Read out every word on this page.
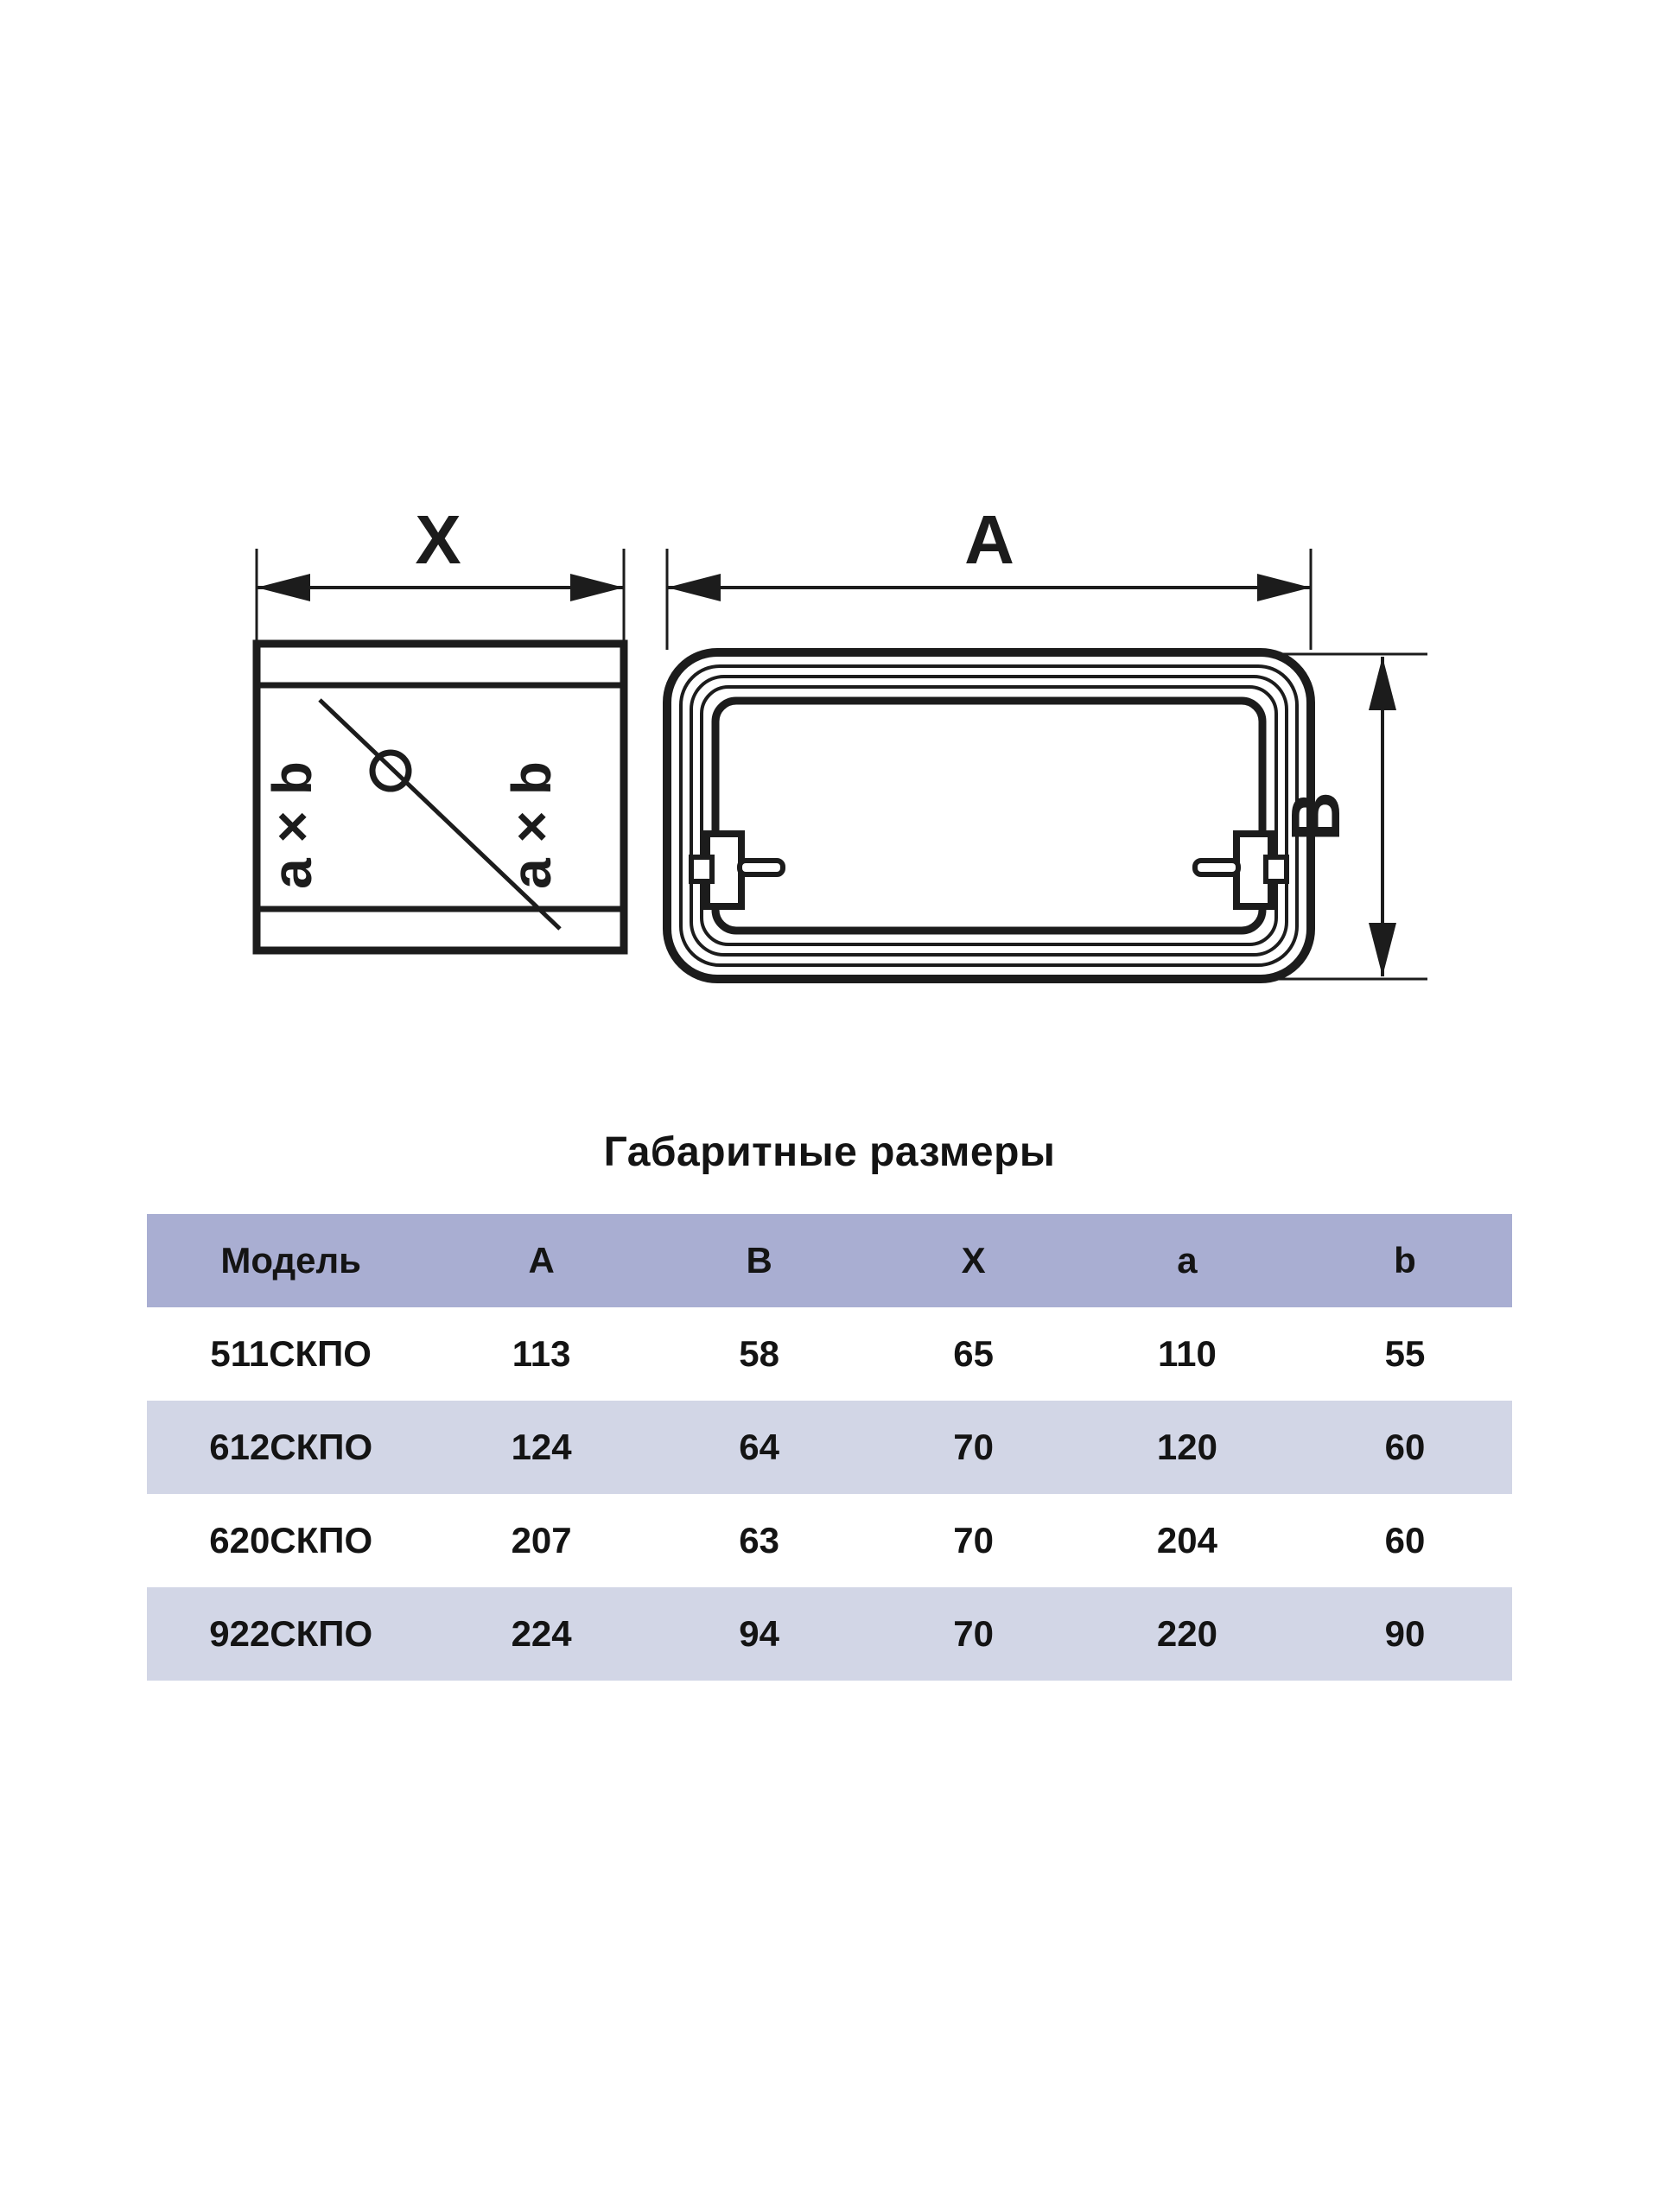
X
a × b	a × b
A
B
Габаритные размеры
Модель	A	B	X	a	b
511СКПО	113	58	65	110	55
612СКПО	124	64	70	120	60
620СКПО	207	63	70	204	60
922СКПО	224	94	70	220	90
